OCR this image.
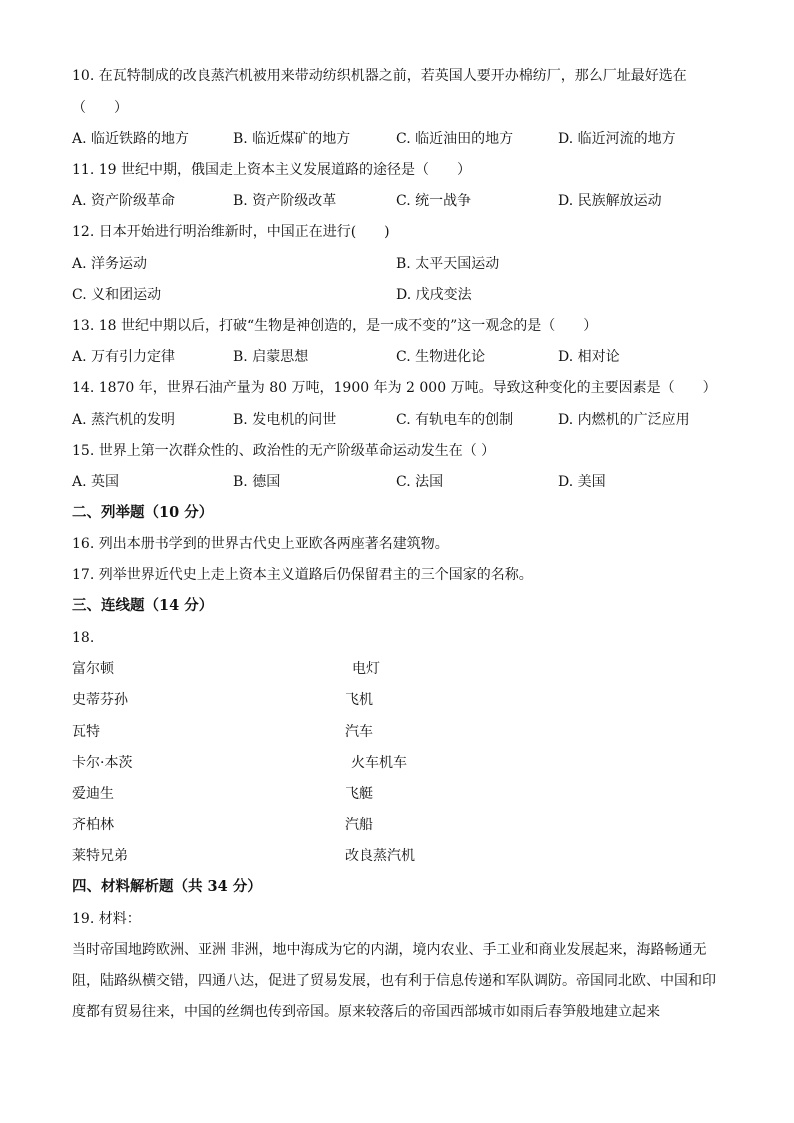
10. 在瓦特制成的改良蒸汽机被用来带动纺织机器之前，若英国人要开办棉纺厂，那么厂址最好选在
（　　）
A. 临近铁路的地方	B. 临近煤矿的地方	C. 临近油田的地方	D. 临近河流的地方
11. 19 世纪中期，俄国走上资本主义发展道路的途径是（　　）
A. 资产阶级革命	B. 资产阶级改革	C. 统一战争	D. 民族解放运动
12. 日本开始进行明治维新时，中国正在进行(　　)
A. 洋务运动	B. 太平天国运动
C. 义和团运动	D. 戊戌变法
13. 18 世纪中期以后，打破“生物是神创造的，是一成不变的”这一观念的是（　　）
A. 万有引力定律	B. 启蒙思想	C. 生物进化论	D. 相对论
14. 1870 年，世界石油产量为 80 万吨，1900 年为 2 000 万吨。导致这种变化的主要因素是（　　）
A. 蒸汽机的发明	B. 发电机的问世	C. 有轨电车的创制	D. 内燃机的广泛应用
15. 世界上第一次群众性的、政治性的无产阶级革命运动发生在（ ）
A. 英国	B. 德国	C. 法国	D. 美国
二、列举题（10 分）
16. 列出本册书学到的世界古代史上亚欧各两座著名建筑物。
17. 列举世界近代史上走上资本主义道路后仍保留君主的三个国家的名称。
三、连线题（14 分）
18.
富尔顿
史蒂芬孙
瓦特
卡尔·本茨
爱迪生
齐柏林
莱特兄弟
电灯
飞机
汽车
火车机车
飞艇
汽船
改良蒸汽机
四、材料解析题（共 34 分）
19. 材料：
当时帝国地跨欧洲、亚洲 非洲，地中海成为它的内湖，境内农业、手工业和商业发展起来，海路畅通无阻，陆路纵横交错，四通八达，促进了贸易发展，也有利于信息传递和军队调防。帝国同北欧、中国和印度都有贸易往来，中国的丝绸也传到帝国。原来较落后的帝国西部城市如雨后春笋般地建立起来
